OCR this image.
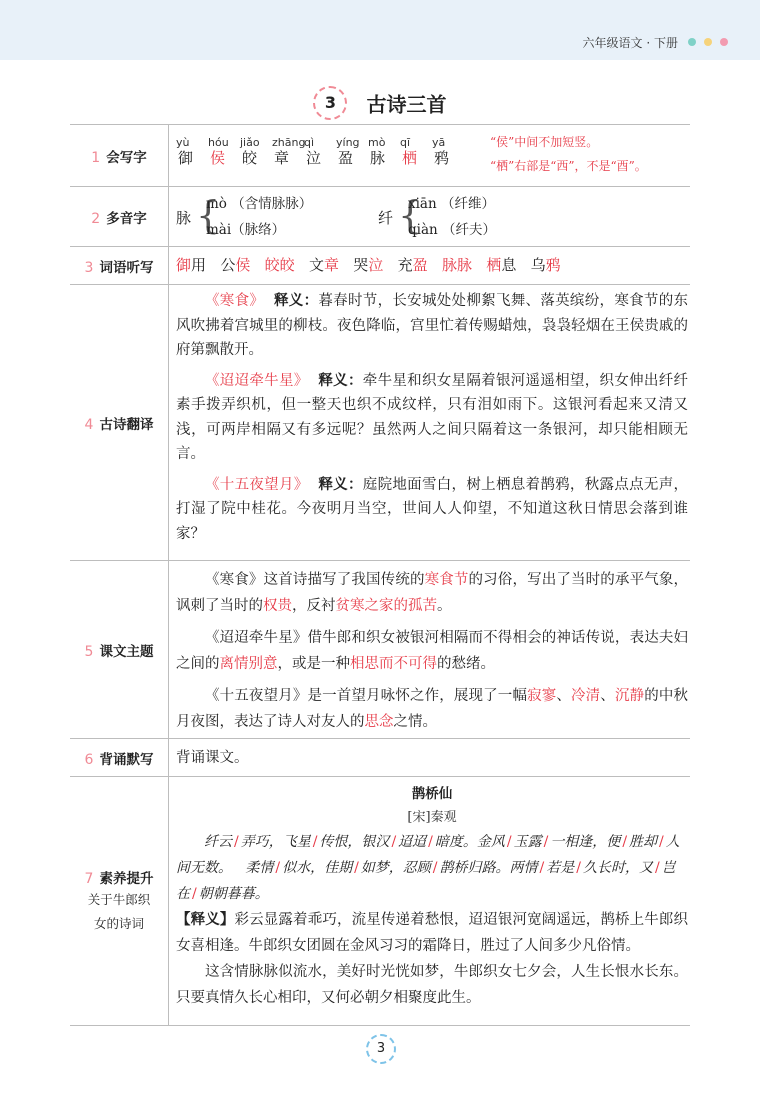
六年级语文 · 下册
3 古诗三首
1 会写字
yù
御
hóu
侯
jiǎo
皎
zhāng
章
qì
泣
yíng
盈
mò
脉
qī
栖
yā
鸦
“侯”中间不加短竖。
“栖”右部是“西”，不是“酉”。
2 多音字 脉 {
mò （含情脉脉）
mài（脉络）
纤 {
xiān （纤维）
qiàn （纤夫）
3 词语听写 御用   公侯 皎皎   文章   哭泣   充盈 脉脉 栖息   乌鸦
4 古诗翻译

《寒食》 释义：暮春时节，长安城处处柳絮飞舞、落英缤纷，寒食节的东风吹拂着宫城里的柳枝。夜色降临，宫里忙着传赐蜡烛，袅袅轻烟在王侯贵戚的府第飘散开。

《迢迢牵牛星》 释义：牵牛星和织女星隔着银河遥遥相望，织女伸出纤纤素手拨弄织机，但一整天也织不成纹样，只有泪如雨下。这银河看起来又清又浅，可两岸相隔又有多远呢？虽然两人之间只隔着这一条银河，却只能相顾无言。

《十五夜望月》 释义：庭院地面雪白，树上栖息着鹊鸦，秋露点点无声，打湿了院中桂花。今夜明月当空，世间人人仰望，不知道这秋日情思会落到谁家？

5 课文主题

《寒食》这首诗描写了我国传统的寒食节的习俗，写出了当时的承平气象，讽刺了当时的权贵，反衬贫寒之家的孤苦。

《迢迢牵牛星》借牛郎和织女被银河相隔而不得相会的神话传说，表达夫妇之间的离情别意，或是一种相思而不可得的愁绪。

《十五夜望月》是一首望月咏怀之作，展现了一幅寂寥、冷清、沉静的中秋月夜图，表达了诗人对友人的思念之情。

6 背诵默写 背诵课文。
7 素养提升
关于牛郎织
女的诗词
鹊桥仙
[宋]秦观

纤云 / 弄巧，飞星 / 传恨，银汉 / 迢迢 / 暗度。金风 / 玉露 / 一相逢，便 / 胜却 / 人间无数。   柔情 / 似水，佳期 / 如梦，忍顾 / 鹊桥归路。两情 / 若是 / 久长时，又 / 岂在 / 朝朝暮暮。

【释义】彩云显露着乖巧，流星传递着愁恨，迢迢银河宽阔遥远，鹊桥上牛郎织女喜相逢。牛郎织女团圆在金风习习的霜降日，胜过了人间多少凡俗情。

这含情脉脉似流水，美好时光恍如梦，牛郎织女七夕会，人生长恨水长东。只要真情久长心相印，又何必朝夕相聚度此生。

3
